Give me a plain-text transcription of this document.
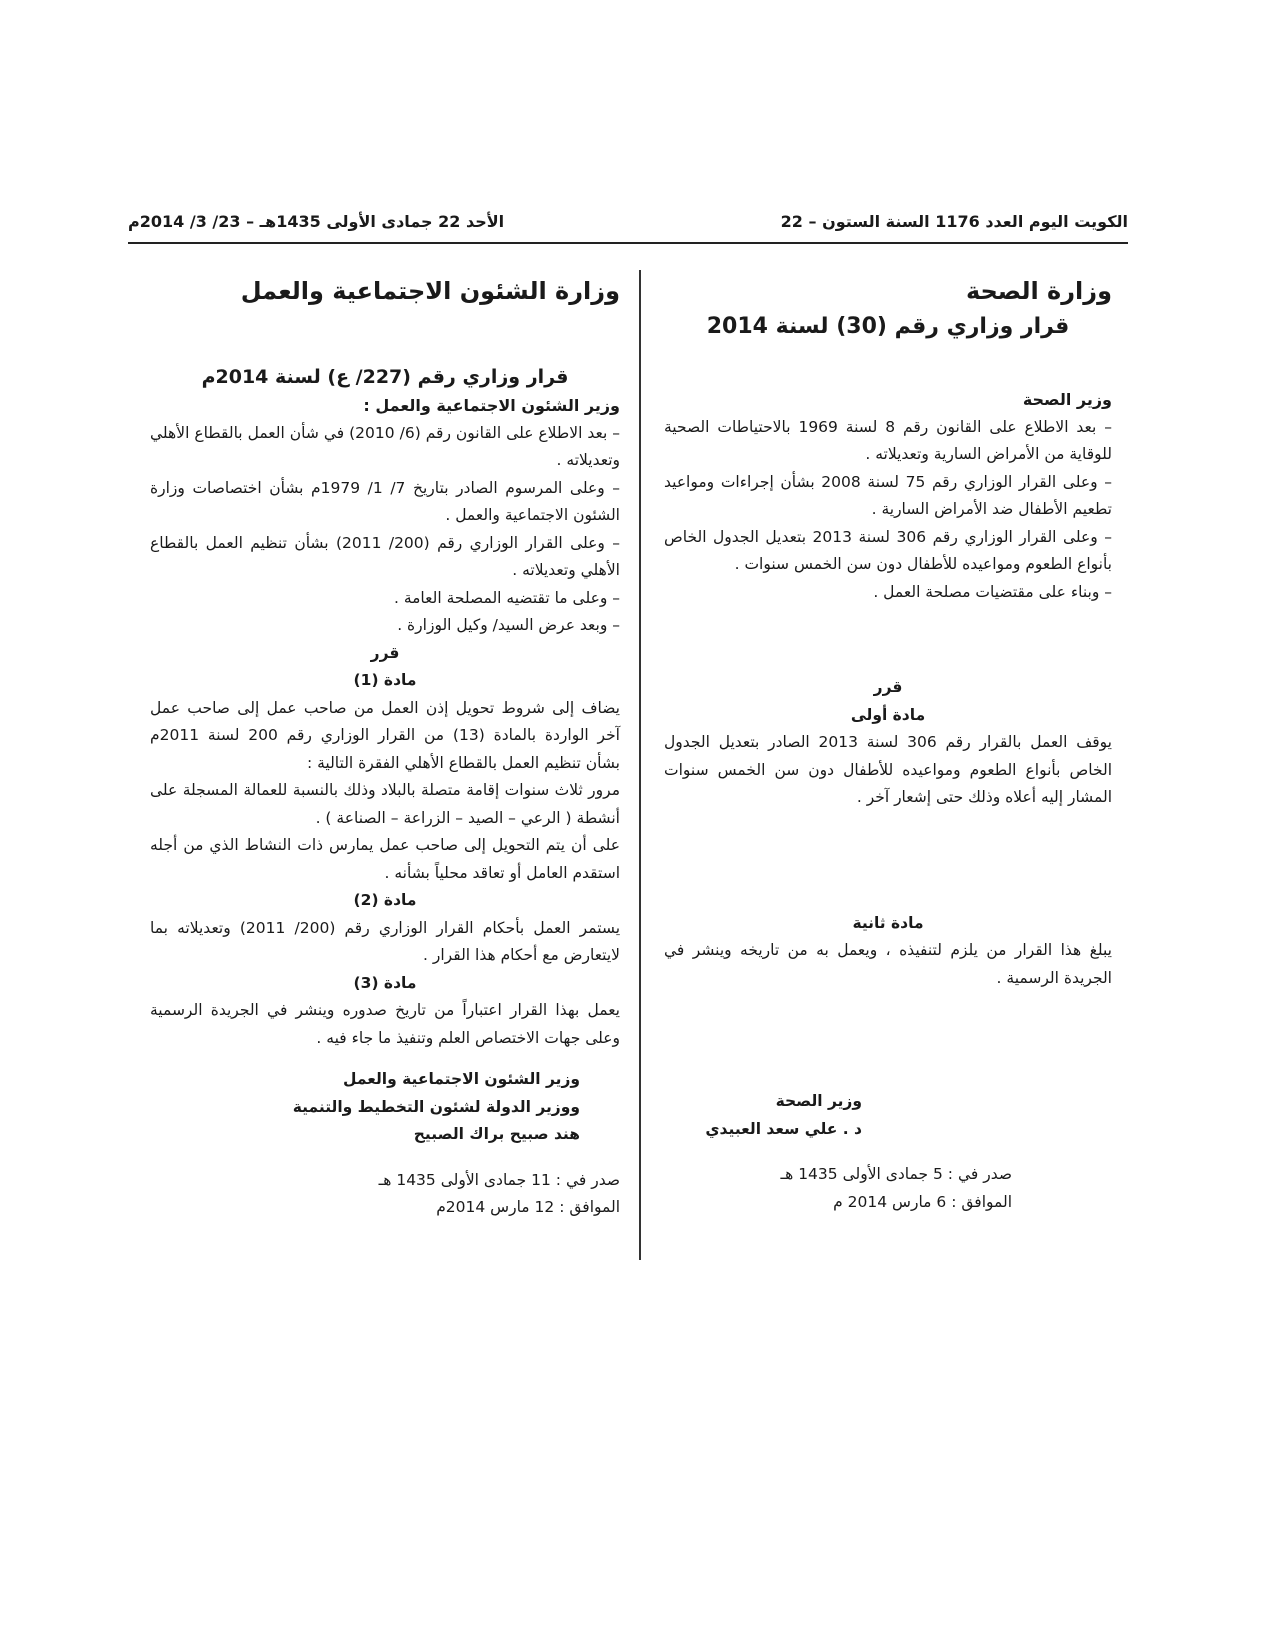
الكويت اليوم العدد 1176 السنة الستون – 22
الأحد 22 جمادى الأولى 1435هـ – 23/ 3/ 2014م

وزارة الصحة

قرار وزاري رقم (30) لسنة 2014

وزير الصحة

– بعد الاطلاع على القانون رقم 8 لسنة 1969 بالاحتياطات الصحية للوقاية من الأمراض السارية وتعديلاته .

– وعلى القرار الوزاري رقم 75 لسنة 2008 بشأن إجراءات ومواعيد تطعيم الأطفال ضد الأمراض السارية .

– وعلى القرار الوزاري رقم 306 لسنة 2013 بتعديل الجدول الخاص بأنواع الطعوم ومواعيده للأطفال دون سن الخمس سنوات .

– وبناء على مقتضيات مصلحة العمل .

قرر

مادة أولى

يوقف العمل بالقرار رقم 306 لسنة 2013 الصادر بتعديل الجدول الخاص بأنواع الطعوم ومواعيده للأطفال دون سن الخمس سنوات المشار إليه أعلاه وذلك حتى إشعار آخر .

مادة ثانية

يبلغ هذا القرار من يلزم لتنفيذه ، ويعمل به من تاريخه وينشر في الجريدة الرسمية .

وزير الصحة

د . علي سعد العبيدي

صدر في : 5 جمادى الأولى 1435 هـ

الموافق : 6 مارس 2014 م

وزارة الشئون الاجتماعية والعمل

قرار وزاري رقم (227/ ع) لسنة 2014م

وزير الشئون الاجتماعية والعمل :

– بعد الاطلاع على القانون رقم (6/ 2010) في شأن العمل بالقطاع الأهلي وتعديلاته .

– وعلى المرسوم الصادر بتاريخ 7/ 1/ 1979م بشأن اختصاصات وزارة الشئون الاجتماعية والعمل .

– وعلى القرار الوزاري رقم (200/ 2011) بشأن تنظيم العمل بالقطاع الأهلي وتعديلاته .

– وعلى ما تقتضيه المصلحة العامة .

– وبعد عرض السيد/ وكيل الوزارة .

قرر

مادة (1)

يضاف إلى شروط تحويل إذن العمل من صاحب عمل إلى صاحب عمل آخر الواردة بالمادة (13) من القرار الوزاري رقم 200 لسنة 2011م بشأن تنظيم العمل بالقطاع الأهلي الفقرة التالية :

مرور ثلاث سنوات إقامة متصلة بالبلاد وذلك بالنسبة للعمالة المسجلة على أنشطة ( الرعي – الصيد – الزراعة – الصناعة ) .

على أن يتم التحويل إلى صاحب عمل يمارس ذات النشاط الذي من أجله استقدم العامل أو تعاقد محلياً بشأنه .

مادة (2)

يستمر العمل بأحكام القرار الوزاري رقم (200/ 2011) وتعديلاته بما لايتعارض مع أحكام هذا القرار .

مادة (3)

يعمل بهذا القرار اعتباراً من تاريخ صدوره وينشر في الجريدة الرسمية وعلى جهات الاختصاص العلم وتنفيذ ما جاء فيه .

وزير الشئون الاجتماعية والعمل

ووزير الدولة لشئون التخطيط والتنمية

هند صبيح براك الصبيح

صدر في : 11 جمادى الأولى 1435 هـ

الموافق : 12 مارس 2014م
